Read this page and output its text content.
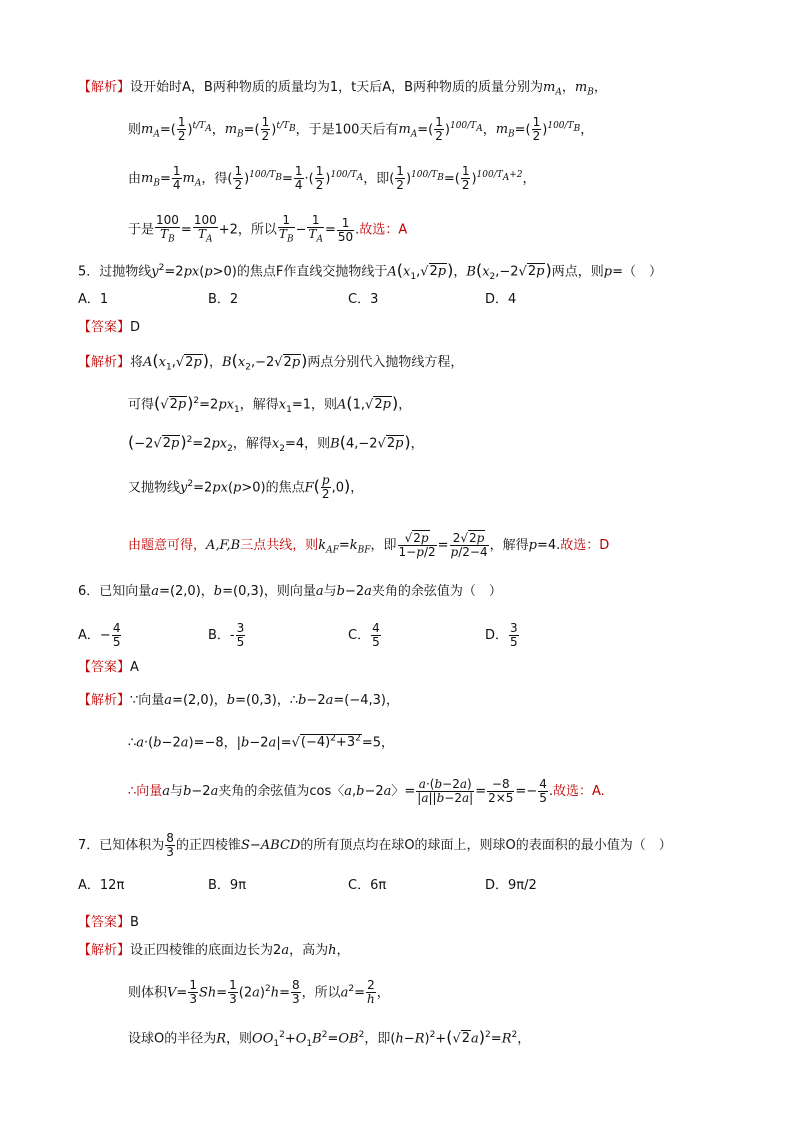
【解析】设开始时A，B两种物质的质量均为1，t天后A，B两种物质的质量分别为$m_A$，$m_B$，
则$m_A=( \frac{1}{2} )^{t/T_A}$，$m_B=( \frac{1}{2} )^{t/T_B}$，于是100天后有$m_A=( \frac{1}{2} )^{100/T_A}$，$m_B=( \frac{1}{2} )^{100/T_B}$，
由$m_B= \frac{1}{4} m_A$，得( $\frac{1}{2} )^{100/T_B}= \frac{1}{4}$ ·( $\frac{1}{2} )^{100/T_A}$，即( $\frac{1}{2} )^{100/T_B}=( \frac{1}{2} )^{100/T_A+2}$，
于是 $\frac{100}{T_B} = \frac{100}{T_A} +2$，所以 $\frac{1}{T_B} - \frac{1}{T_A} = \frac{1}{50}$ .故选：A
5．过抛物线$y^2=2px(p>0)$的焦点F作直线交抛物线于$A(x_1,√2p)$，$B(x_2,-2√2p)$两点，则p=（　）
A．1	B．2	C．3	D．4
【答案】D
【解析】将$A(x_1,√2p)$，$B(x_2,-2√2p)$两点分别代入抛物线方程，
可得$(√2p)^2=2px_1$，解得$x_1=1$，则A(1,√2p)，
$(-2√2p)^2=2px_2$，解得$x_2=4$，则B(4,−2√2p)，
又抛物线$y^2=2px(p>0)$的焦点$F( \frac{p}{2} ,0)$，
由题意可得，A,F,B三点共线，则$k_{AF}=k_{BF}$，即 $\frac{√2p}{1-p/2} = \frac{2√2p}{p/2-4}$ ，解得p=4.故选：D
6．已知向量a=(2,0)，b=(0,3)，则向量a与b−2a夹角的余弦值为（　）
A．− $\frac{4}{5}$	B．- $\frac{3}{5}$	C． $\frac{4}{5}$	D． $\frac{3}{5}$
【答案】A
【解析】∵向量a=(2,0)，b=(0,3)，∴b−2a=(−4,3)，
∴a·(b−2a)=−8，$|b-2a|=√(-4)^2+3^2=5$，
∴向量a与b−2a夹角的余弦值为cos〈a,b−2a〉= $\frac{a\cdot(b-2a)}{|a||b-2a|} = \frac{-8}{2\times 5} =- \frac{4}{5}$ .故选：A.
7．已知体积为 $\frac{8}{3}$ 的正四棱锥S−ABCD的所有顶点均在球O的球面上，则球O的表面积的最小值为（　）
A．12π	B．9π	C．6π	D．9π/2
【答案】B
【解析】设正四棱锥的底面边长为2a，高为h，
则体积$V= \frac{1}{3} Sh= \frac{1}{3} (2a)^2h= \frac{8}{3}$ ，所以$a^2= \frac{2}{h}$ ，
设球O的半径为R，则$OO_1^2+O_1B^2=OB^2$，即$(h-R)^2+(√2a)^2=R^2$，
